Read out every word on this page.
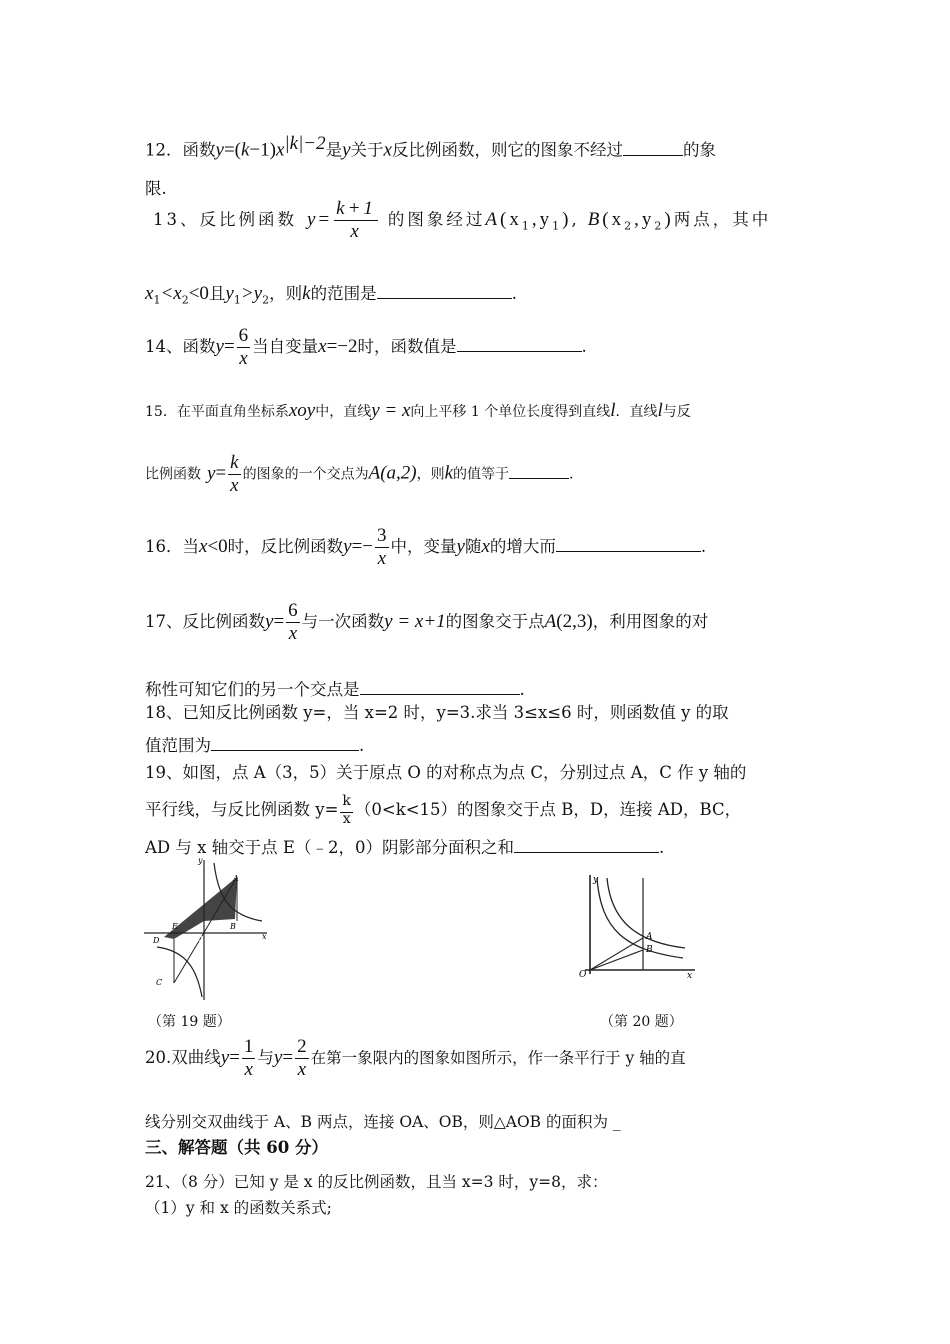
12．函数$y=(k-1)x^{|k|-2}$是y关于x反比例函数，则它的图象不经过	的象
限.
13、反比例函数 $y= \frac{k+1}{x}$ 的图象经过$A(x_1,y_1)$, $B(x_2,y_2)$两点，其中
$x_1<x_2<0$且$y_1>y_2$，则k的范围是	.
14、函数$y= \frac{6}{x}$ 当自变量x=−2时，函数值是	.
15．在平面直角坐标系xoy中，直线y = x向上平移 1 个单位长度得到直线l．直线l与反
比例函数 $y= \frac{k}{x}$ 的图象的一个交点为A(a,2)，则k的值等于	.
16．当x<0时，反比例函数$y=- \frac{3}{x}$ 中，变量y随x的增大而	.
17、反比例函数$y= \frac{6}{x}$ 与一次函数y = x+1的图象交于点A(2,3)，利用图象的对
称性可知它们的另一个交点是	.
18、已知反比例函数 y=，当 x=2 时，y=3.求当 3≤x≤6 时，则函数值 y 的取
值范围为	.
19、如图，点 A（3，5）关于原点 O 的对称点为点 C，分别过点 A，C 作 y 轴的
平行线，与反比例函数 $y= \frac{k}{x} (0<k<15)$的图象交于点 B，D，连接 AD，BC，
AD 与 x 轴交于点 E（﹣2，0）阴影部分面积之和	.
A
B
C
D
E
O	x
y
（第 19 题）
A
B
O	x
y
（第 20 题）
20.双曲线$y= \frac{1}{x}$ 与$y= \frac{2}{x}$ 在第一象限内的图象如图所示，作一条平行于 y 轴的直
线分别交双曲线于 A、B 两点，连接 OA、OB，则△AOB 的面积为 _
三、解答题（共 60 分）
21、（8 分）已知 y 是 x 的反比例函数，且当 x=3 时，y=8，求：
（1）y 和 x 的函数关系式;
